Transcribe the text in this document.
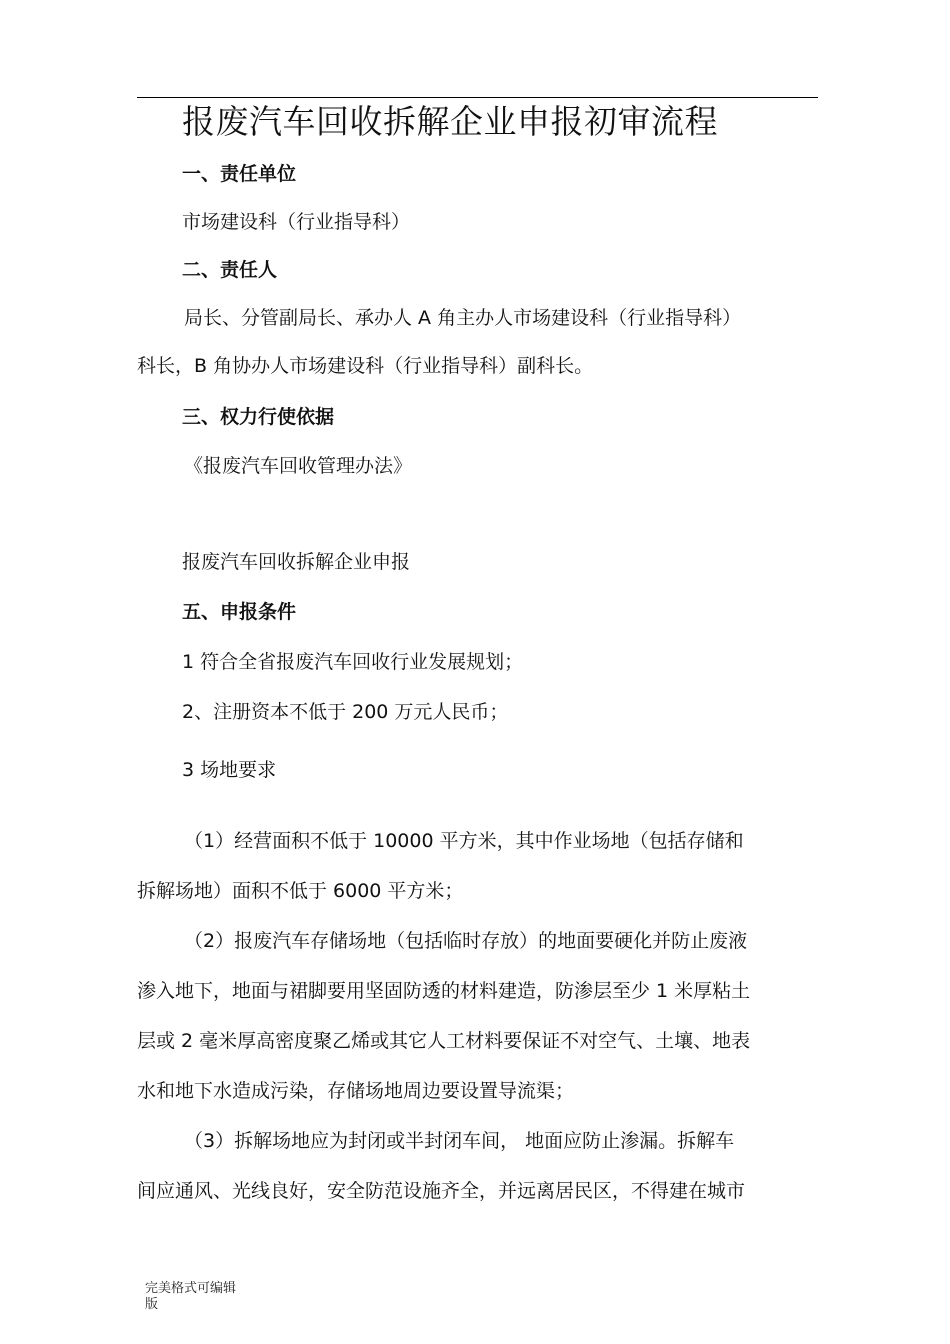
报废汽车回收拆解企业申报初审流程
一、责任单位
市场建设科（行业指导科）
二、责任人
局长、分管副局长、承办人 A 角主办人市场建设科（行业指导科）
科长，B 角协办人市场建设科（行业指导科）副科长。
三、权力行使依据
《报废汽车回收管理办法》
报废汽车回收拆解企业申报
五、申报条件
1 符合全省报废汽车回收行业发展规划；
2、注册资本不低于 200 万元人民币；
3 场地要求
（1）经营面积不低于 10000 平方米，其中作业场地（包括存储和
拆解场地）面积不低于 6000 平方米；
（2）报废汽车存储场地（包括临时存放）的地面要硬化并防止废液
渗入地下，地面与裙脚要用坚固防透的材料建造，防渗层至少 1 米厚粘土
层或 2 毫米厚高密度聚乙烯或其它人工材料要保证不对空气、土壤、地表
水和地下水造成污染，存储场地周边要设置导流渠；
（3）拆解场地应为封闭或半封闭车间， 地面应防止渗漏。拆解车
间应通风、光线良好，安全防范设施齐全，并远离居民区，不得建在城市
完美格式可编辑
版
